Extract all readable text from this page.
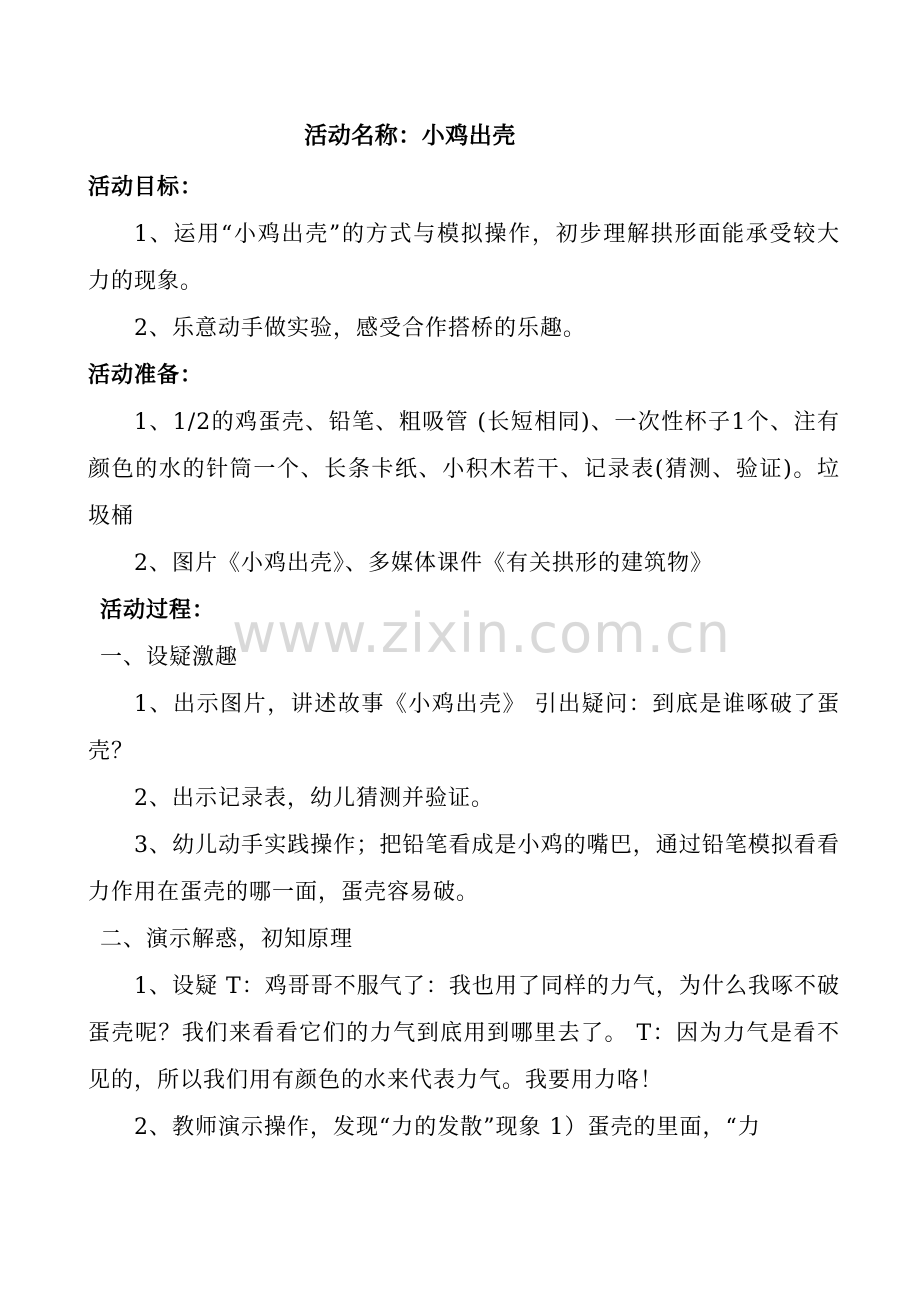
活动名称：小鸡出壳

活动目标：

1、运用“小鸡出壳”的方式与模拟操作，初步理解拱形面能承受较大力的现象。

2、乐意动手做实验，感受合作搭桥的乐趣。

活动准备：

1、1/2的鸡蛋壳、铅笔、粗吸管 (长短相同)、一次性杯子1个、注有颜色的水的针筒一个、长条卡纸、小积木若干、记录表(猜测、验证)。垃圾桶

2、图片《小鸡出壳》、多媒体课件《有关拱形的建筑物》

活动过程：

一、设疑激趣

1、出示图片，讲述故事《小鸡出壳》 引出疑问：到底是谁啄破了蛋壳？

2、出示记录表，幼儿猜测并验证。

3、幼儿动手实践操作；把铅笔看成是小鸡的嘴巴，通过铅笔模拟看看力作用在蛋壳的哪一面，蛋壳容易破。

二、演示解惑，初知原理

1、设疑 T：鸡哥哥不服气了：我也用了同样的力气，为什么我啄不破蛋壳呢？我们来看看它们的力气到底用到哪里去了。 T：因为力气是看不见的，所以我们用有颜色的水来代表力气。我要用力咯！

2、教师演示操作，发现“力的发散”现象 1）蛋壳的里面，“力

www.zixin.com.cn
